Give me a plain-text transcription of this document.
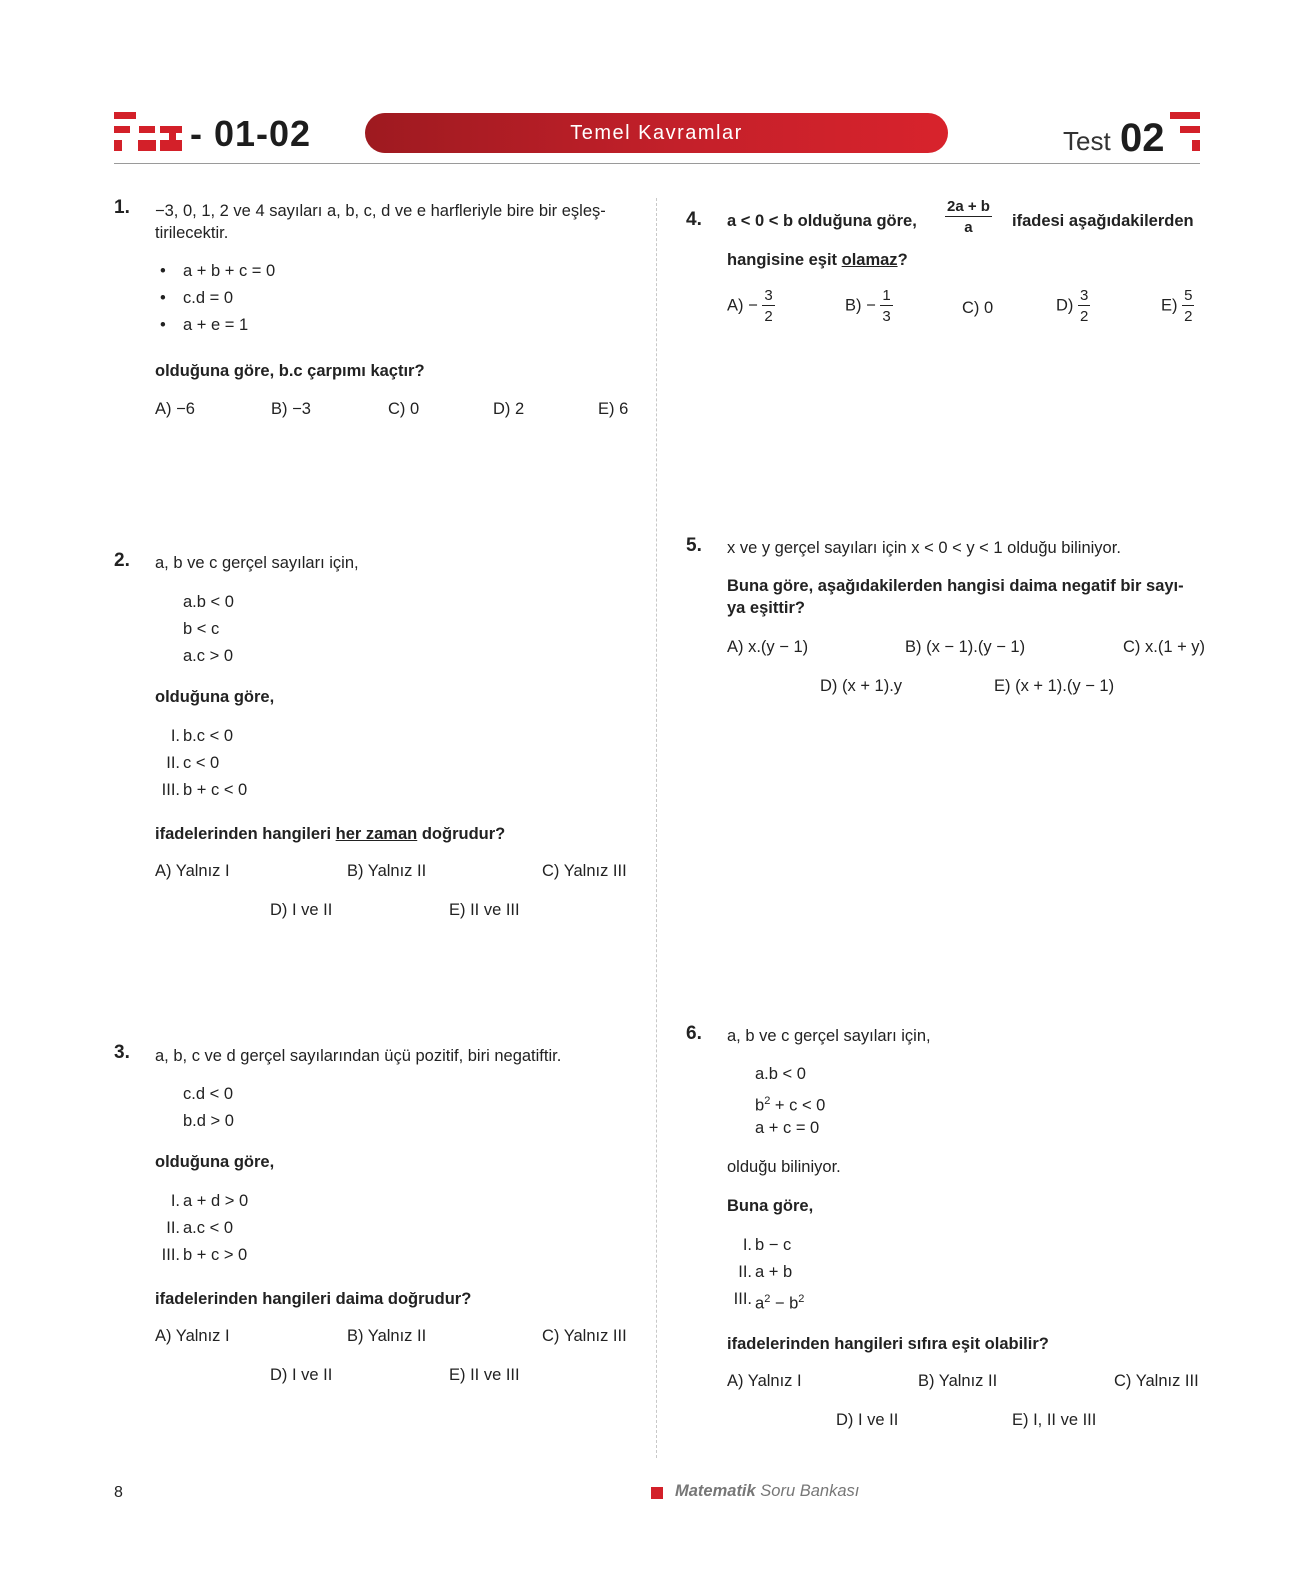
- 01-02	Temel Kavramlar	Test 02
1. −3, 0, 1, 2 ve 4 sayıları a, b, c, d ve e harfleriyle bire bir eşleş-
tirilecektir.
• a + b + c = 0
• c.d = 0
• a + e = 1
olduğuna göre, b.c çarpımı kaçtır?
A) −6	B) −3	C) 0	D) 2	E) 6
2. a, b ve c gerçel sayıları için,
a.b < 0
b < c
a.c > 0
olduğuna göre,
I. b.c < 0
II. c < 0
III. b + c < 0
ifadelerinden hangileri her zaman doğrudur?
A) Yalnız I	B) Yalnız II	C) Yalnız III
D) I ve II	E) II ve III
3. a, b, c ve d gerçel sayılarından üçü pozitif, biri negatiftir.
c.d < 0
b.d > 0
olduğuna göre,
I. a + d > 0
II. a.c < 0
III. b + c > 0
ifadelerinden hangileri daima doğrudur?
A) Yalnız I	B) Yalnız II	C) Yalnız III
D) I ve II	E) II ve III
4. a < 0 < b olduğuna göre, $\frac{2a + b}{a}$ ifadesi aşağıdakilerden
hangisine eşit olamaz?
$A) - \frac{3}{2}$	$B) - \frac{1}{3}$	C) 0	$D) \frac{3}{2}$	$E) \frac{5}{2}$
5. x ve y gerçel sayıları için x < 0 < y < 1 olduğu biliniyor.
Buna göre, aşağıdakilerden hangisi daima negatif bir sayı-
ya eşittir?
A) x.(y − 1)	B) (x − 1).(y − 1)	C) x.(1 + y)
D) (x + 1).y	E) (x + 1).(y − 1)
6. a, b ve c gerçel sayıları için,
a.b < 0
$b^2 + c < 0$
a + c = 0
olduğu biliniyor.
Buna göre,
I. b − c
II. a + b
III. $a^2 - b^2$
ifadelerinden hangileri sıfıra eşit olabilir?
A) Yalnız I	B) Yalnız II	C) Yalnız III
D) I ve II	E) I, II ve III
8	Matematik Soru Bankası
